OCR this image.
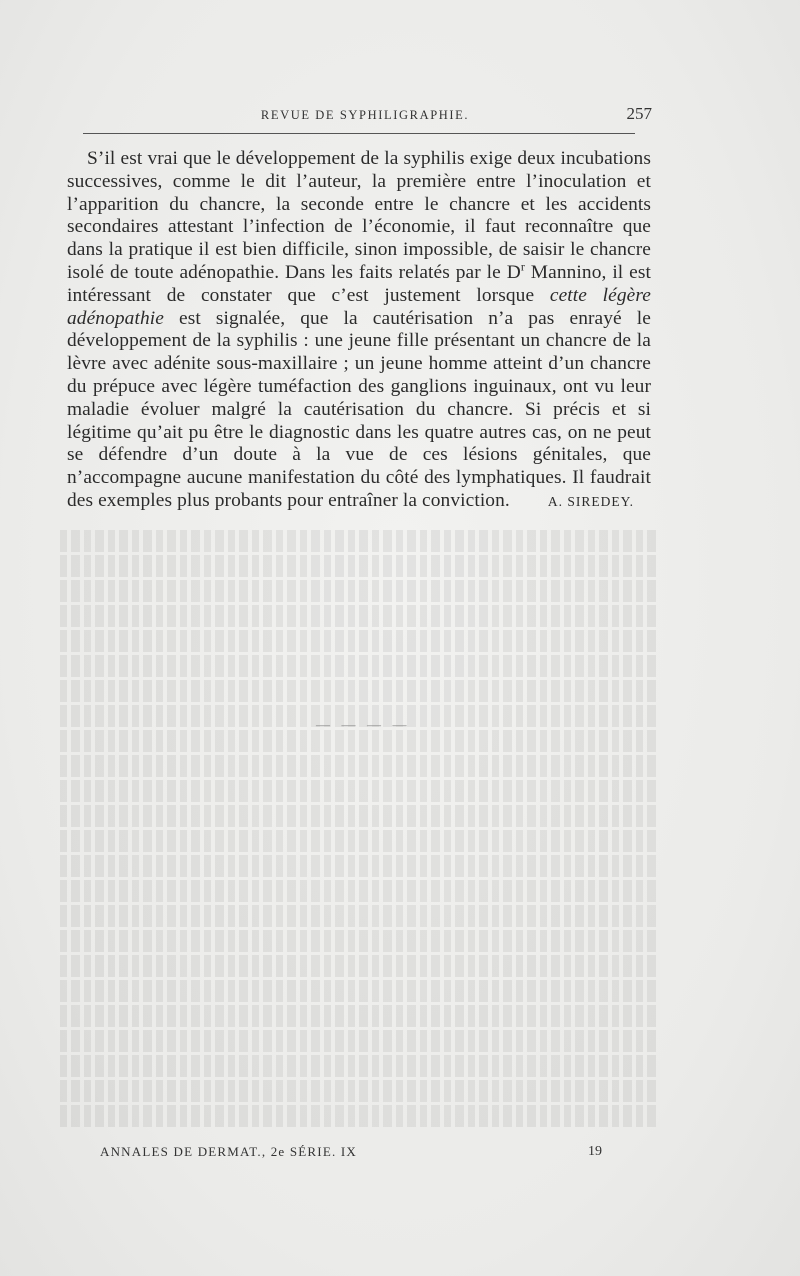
REVUE DE SYPHILIGRAPHIE.	257

S’il est vrai que le développement de la syphilis exige deux incubations successives, comme le dit l’auteur, la première entre l’inoculation et l’apparition du chancre, la seconde entre le chancre et les accidents secondaires attestant l’infection de l’économie, il faut reconnaître que dans la pratique il est bien difficile, sinon impossible, de saisir le chancre isolé de toute adénopathie. Dans les faits relatés par le $D^r$ Mannino, il est intéressant de constater que c’est justement lorsque cette légère adénopathie est signalée, que la cautérisation n’a pas enrayé le développement de la syphilis : une jeune fille présentant un chancre de la lèvre avec adénite sous-maxillaire ; un jeune homme atteint d’un chancre du prépuce avec légère tuméfaction des ganglions inguinaux, ont vu leur maladie évoluer malgré la cautérisation du chancre. Si précis et si légitime qu’ait pu être le diagnostic dans les quatre autres cas, on ne peut se défendre d’un doute à la vue de ces lésions génitales, que n’accompagne aucune manifestation du côté des lymphatiques. Il faudrait des exemples plus probants pour entraîner la conviction.	A. SIREDEY.

— — — —
ANNALES DE DERMAT., 2e SÉRIE. IX	19
